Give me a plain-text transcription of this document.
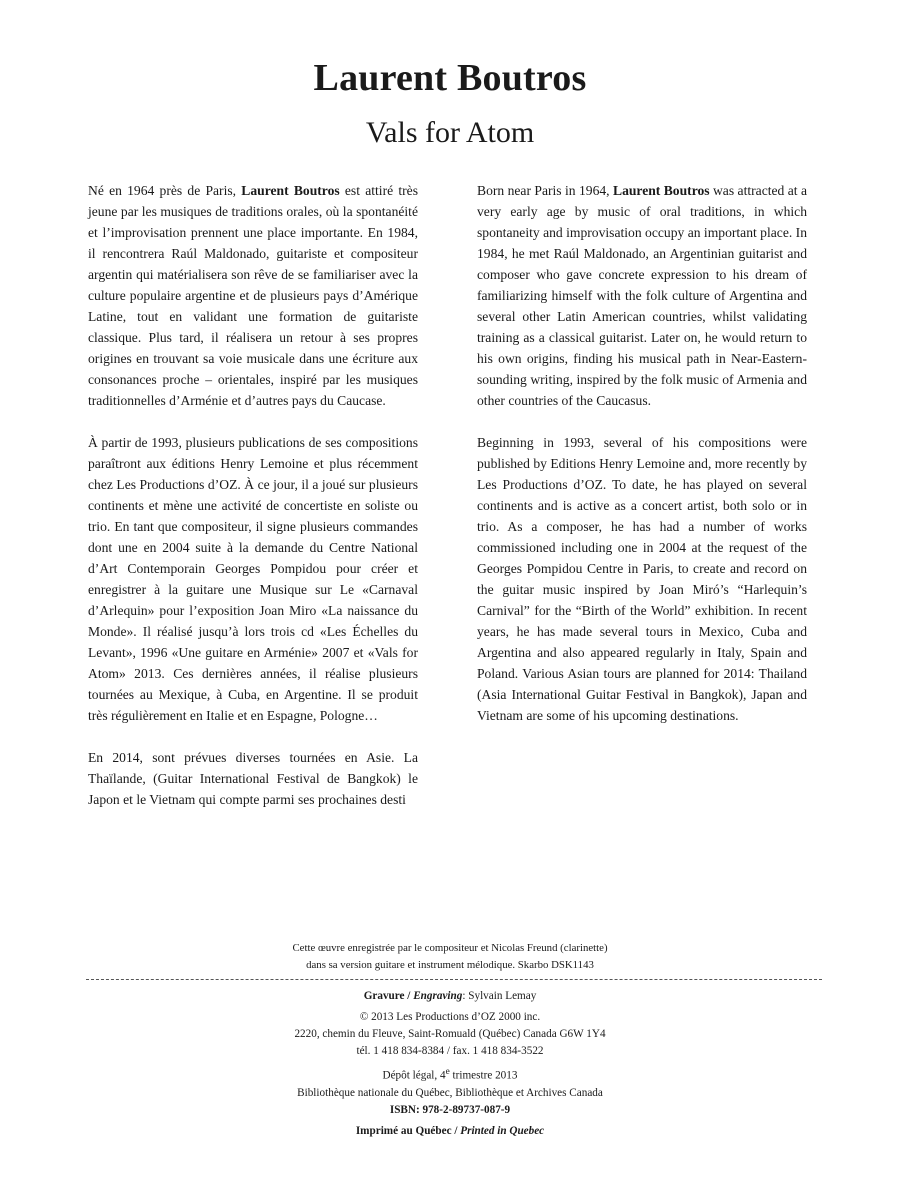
Laurent Boutros
Vals for Atom

Né en 1964 près de Paris, Laurent Boutros est attiré très jeune par les musiques de traditions orales, où la spontanéité et l’improvisation prennent une place importante. En 1984, il rencontrera Raúl Maldonado, guitariste et compositeur argentin qui matérialisera son rêve de se familiariser avec la culture populaire argentine et de plusieurs pays d’Amérique Latine, tout en validant une formation de guitariste classique. Plus tard, il réalisera un retour à ses propres origines en trouvant sa voie musicale dans une écriture aux consonances proche – orientales, inspiré par les musiques traditionnelles d’Arménie et d’autres pays du Caucase.

À partir de 1993, plusieurs publications de ses compositions paraîtront aux éditions Henry Lemoine et plus récemment chez Les Productions d’OZ. À ce jour, il a joué sur plusieurs continents et mène une activité de concertiste en soliste ou trio. En tant que compositeur, il signe plusieurs commandes dont une en 2004 suite à la demande du Centre National d’Art Contemporain Georges Pompidou pour créer et enregistrer à la guitare une Musique sur Le «Carnaval d’Arlequin» pour l’exposition Joan Miro «La naissance du Monde». Il réalisé jusqu’à lors trois cd «Les Échelles du Levant», 1996 «Une guitare en Arménie» 2007 et «Vals for Atom» 2013. Ces dernières années, il réalise plusieurs tournées au Mexique, à Cuba, en Argentine. Il se produit très régulièrement en Italie et en Espagne, Pologne…

En 2014, sont prévues diverses tournées en Asie. La Thaïlande, (Guitar International Festival de Bangkok) le Japon et le Vietnam qui compte parmi ses prochaines desti

Born near Paris in 1964, Laurent Boutros was attracted at a very early age by music of oral traditions, in which spontaneity and improvisation occupy an important place. In 1984, he met Raúl Maldonado, an Argentinian guitarist and composer who gave concrete expression to his dream of familiarizing himself with the folk culture of Argentina and several other Latin American countries, whilst validating training as a classical guitarist. Later on, he would return to his own origins, finding his musical path in Near-Eastern-sounding writing, inspired by the folk music of Armenia and other countries of the Caucasus.

Beginning in 1993, several of his compositions were published by Editions Henry Lemoine and, more recently by Les Productions d’OZ. To date, he has played on several continents and is active as a concert artist, both solo or in trio. As a composer, he has had a number of works commissioned including one in 2004 at the request of the Georges Pompidou Centre in Paris, to create and record on the guitar music inspired by Joan Miró’s “Harlequin’s Carnival” for the “Birth of the World” exhibition. In recent years, he has made several tours in Mexico, Cuba and Argentina and also appeared regularly in Italy, Spain and Poland. Various Asian tours are planned for 2014: Thailand (Asia International Guitar Festival in Bangkok), Japan and Vietnam are some of his upcoming destinations.

Cette œuvre enregistrée par le compositeur et Nicolas Freund (clarinette)
dans sa version guitare et instrument mélodique. Skarbo DSK1143
Gravure / Engraving: Sylvain Lemay
© 2013 Les Productions d’OZ 2000 inc.
2220, chemin du Fleuve, Saint-Romuald (Québec) Canada G6W 1Y4
tél. 1 418 834-8384 / fax. 1 418 834-3522
Dépôt légal, 4e trimestre 2013
Bibliothèque nationale du Québec, Bibliothèque et Archives Canada
ISBN: 978-2-89737-087-9
Imprimé au Québec / Printed in Quebec
